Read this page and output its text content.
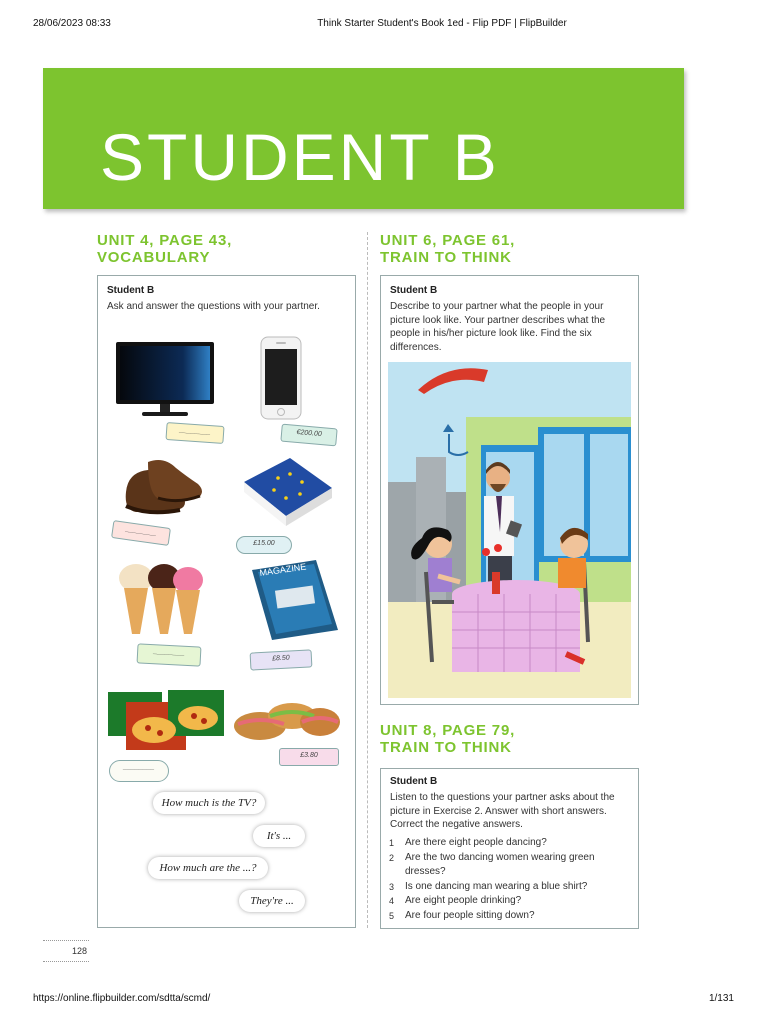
28/06/2023 08:33	Think Starter Student's Book 1ed - Flip PDF | FlipBuilder
https://online.flipbuilder.com/sdtta/scmd/	1/131
STUDENT B
UNIT 4, PAGE 43,
VOCABULARY
Student B
Ask and answer the questions with your partner.
________	€200.00
________
£15.00
________
MAGAZINE
£8.50
________
£3.80
How much is the TV?
It's ...
How much are the ...?
They're ...
UNIT 6, PAGE 61,
TRAIN TO THINK
Student B
Describe to your partner what the people in your picture look like. Your partner describes what the people in his/her picture look like. Find the six differences.
UNIT 8, PAGE 79,
TRAIN TO THINK
Student B
Listen to the questions your partner asks about the picture in Exercise 2. Answer with short answers. Correct the negative answers.
1	Are there eight people dancing?
2	Are the two dancing women wearing green dresses?
3	Is one dancing man wearing a blue shirt?
4	Are eight people drinking?
5	Are four people sitting down?
128
